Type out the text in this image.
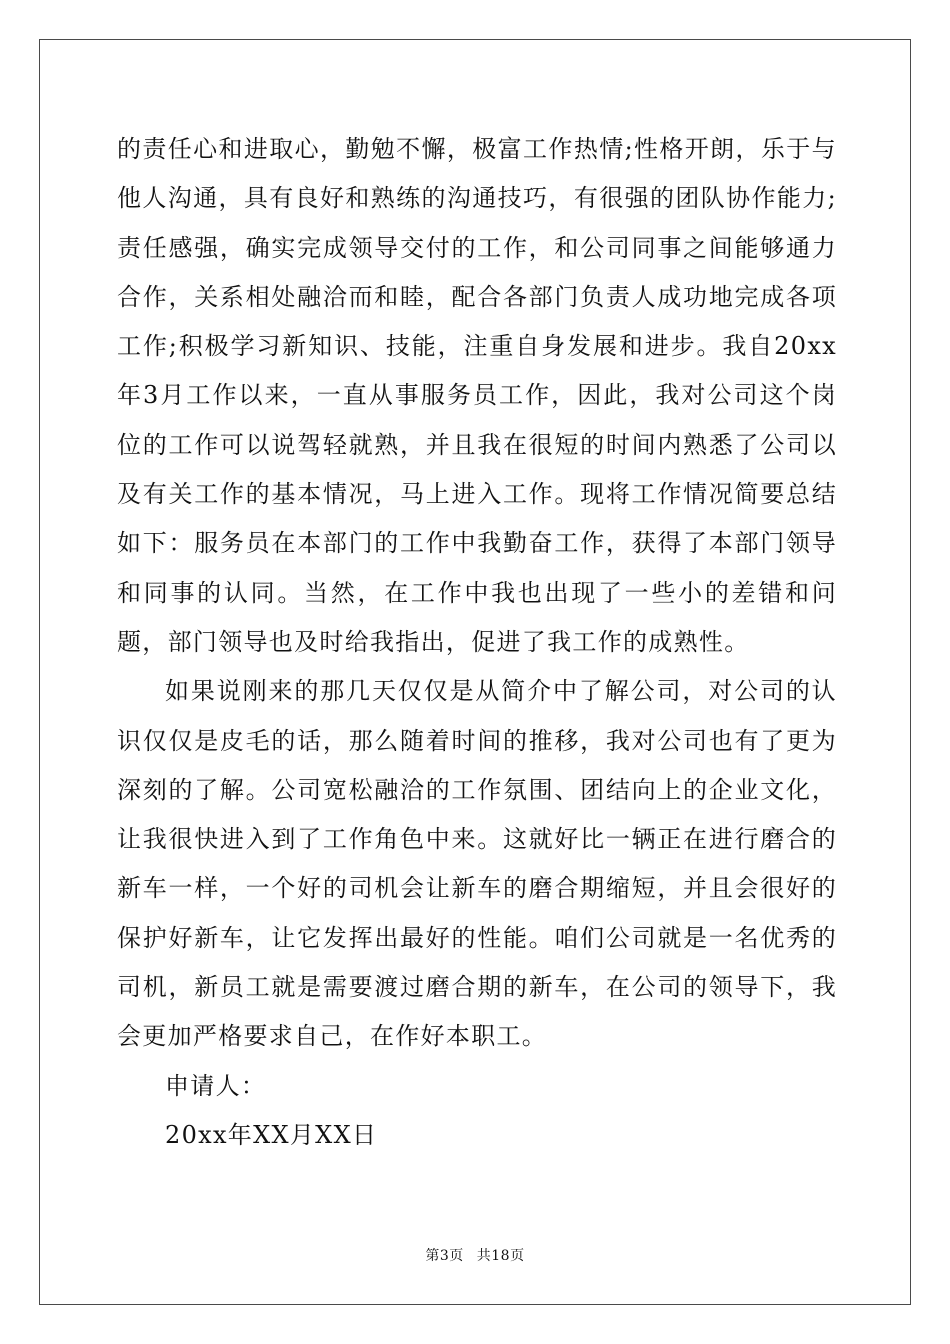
的责任心和进取心，勤勉不懈，极富工作热情;性格开朗，乐于与他人沟通，具有良好和熟练的沟通技巧，有很强的团队协作能力;责任感强，确实完成领导交付的工作，和公司同事之间能够通力合作，关系相处融洽而和睦，配合各部门负责人成功地完成各项工作;积极学习新知识、技能，注重自身发展和进步。我自20xx年3月工作以来，一直从事服务员工作，因此，我对公司这个岗位的工作可以说驾轻就熟，并且我在很短的时间内熟悉了公司以及有关工作的基本情况，马上进入工作。现将工作情况简要总结如下：服务员在本部门的工作中我勤奋工作，获得了本部门领导和同事的认同。当然，在工作中我也出现了一些小的差错和问题，部门领导也及时给我指出，促进了我工作的成熟性。

如果说刚来的那几天仅仅是从简介中了解公司，对公司的认识仅仅是皮毛的话，那么随着时间的推移，我对公司也有了更为深刻的了解。公司宽松融洽的工作氛围、团结向上的企业文化，让我很快进入到了工作角色中来。这就好比一辆正在进行磨合的新车一样，一个好的司机会让新车的磨合期缩短，并且会很好的保护好新车，让它发挥出最好的性能。咱们公司就是一名优秀的司机，新员工就是需要渡过磨合期的新车，在公司的领导下，我会更加严格要求自己，在作好本职工。

申请人：

20xx年XX月XX日

第3页 共18页
